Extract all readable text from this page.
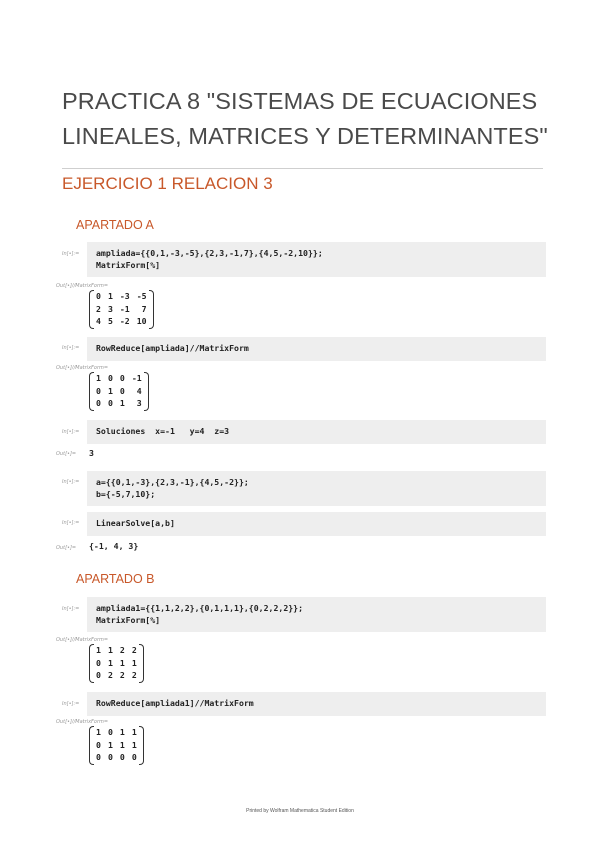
PRACTICA 8 "SISTEMAS DE ECUACIONES
LINEALES, MATRICES Y DETERMINANTES"
EJERCICIO 1 RELACION 3
APARTADO A
In[•]:=	ampliada={{0,1,-3,-5},{2,3,-1,7},{4,5,-2,10}};
MatrixForm[%]
Out[•]//MatrixForm=
0 1 -3 -5
2 3 -1	7
4 5 -2 10
In[•]:=	RowReduce[ampliada]//MatrixForm
Out[•]//MatrixForm=
1 0 0 -1
0 1 0	4
0 0 1	3
In[•]:=	Soluciones  x=-1   y=4  z=3
Out[•]= 3
In[•]:=	a={{0,1,-3},{2,3,-1},{4,5,-2}};
b={-5,7,10};
In[•]:=	LinearSolve[a,b]
Out[•]= {-1, 4, 3}
APARTADO B
In[•]:=	ampliada1={{1,1,2,2},{0,1,1,1},{0,2,2,2}};
MatrixForm[%]
Out[•]//MatrixForm=
1 1 2 2
0 1 1 1
0 2 2 2
In[•]:=	RowReduce[ampliada1]//MatrixForm
Out[•]//MatrixForm=
1 0 1 1
0 1 1 1
0 0 0 0
Printed by Wolfram Mathematica Student Edition
